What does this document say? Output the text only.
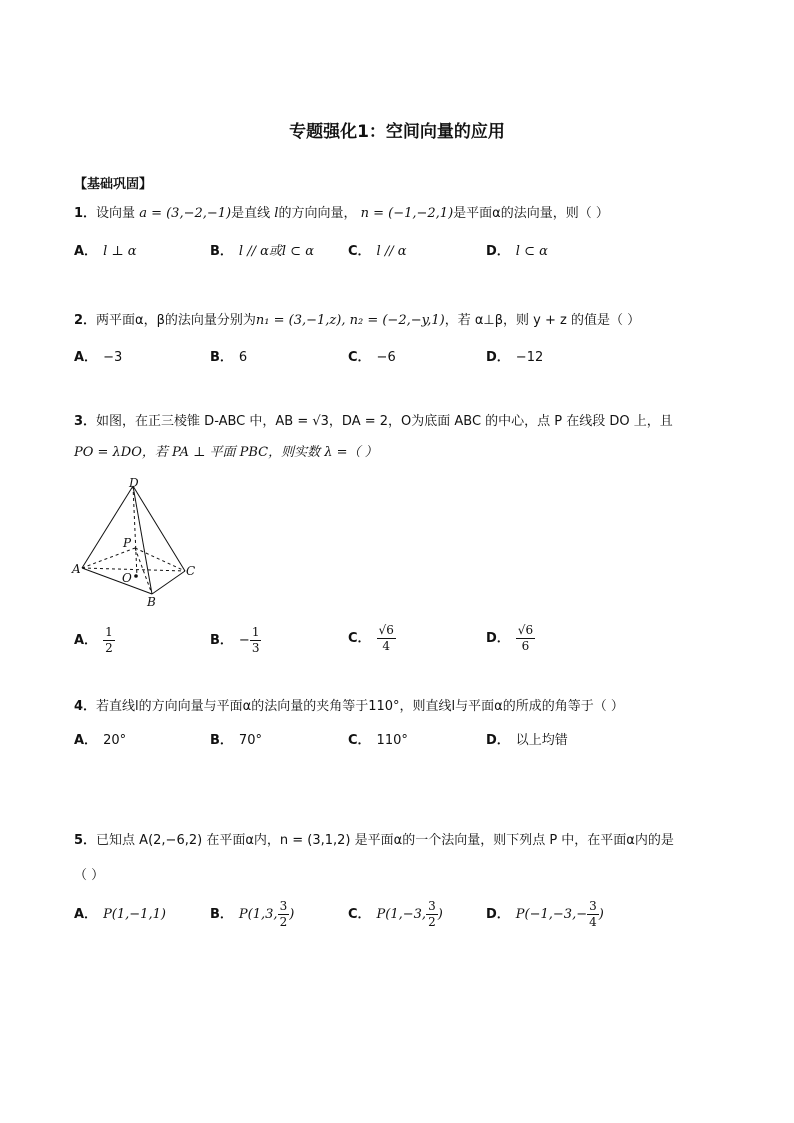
专题强化1：空间向量的应用
【基础巩固】
1．设向量 a = (3,−2,−1)是直线 l的方向向量， n = (−1,−2,1)是平面α的法向量，则（ ）
A． l ⊥ α	B． l // α或l ⊂ α	C． l // α	D． l ⊂ α
2．两平面α，β的法向量分别为n₁ = (3,−1,z), n₂ = (−2,−y,1)，若 α⊥β，则 y + z 的值是（ ）
A． −3	B． 6	C． −6	D． −12
3．如图，在正三棱锥 D-ABC 中，AB = √3，DA = 2，O为底面 ABC 的中心，点 P 在线段 DO 上，且
PO = λDO，若 PA ⊥ 平面 PBC，则实数 λ =（ ）
D
A
B
C
P
O
A． $\frac{1}{2}$	B． − $\frac{1}{3}$	C． $\frac{√6}{4}$	D． $\frac{√6}{6}$
4．若直线l的方向向量与平面α的法向量的夹角等于110°，则直线l与平面α的所成的角等于（ ）
A． 20°	B． 70°	C． 110°	D． 以上均错
5．已知点 A(2,−6,2) 在平面α内，n = (3,1,2) 是平面α的一个法向量，则下列点 P 中，在平面α内的是
（ ）
A． P(1,−1,1)	B． P(1,3, $\frac{3}{2}$ )	C． P(1,−3, $\frac{3}{2}$ )	D． $P(-1,-3,- \frac{3}{4}$ )
